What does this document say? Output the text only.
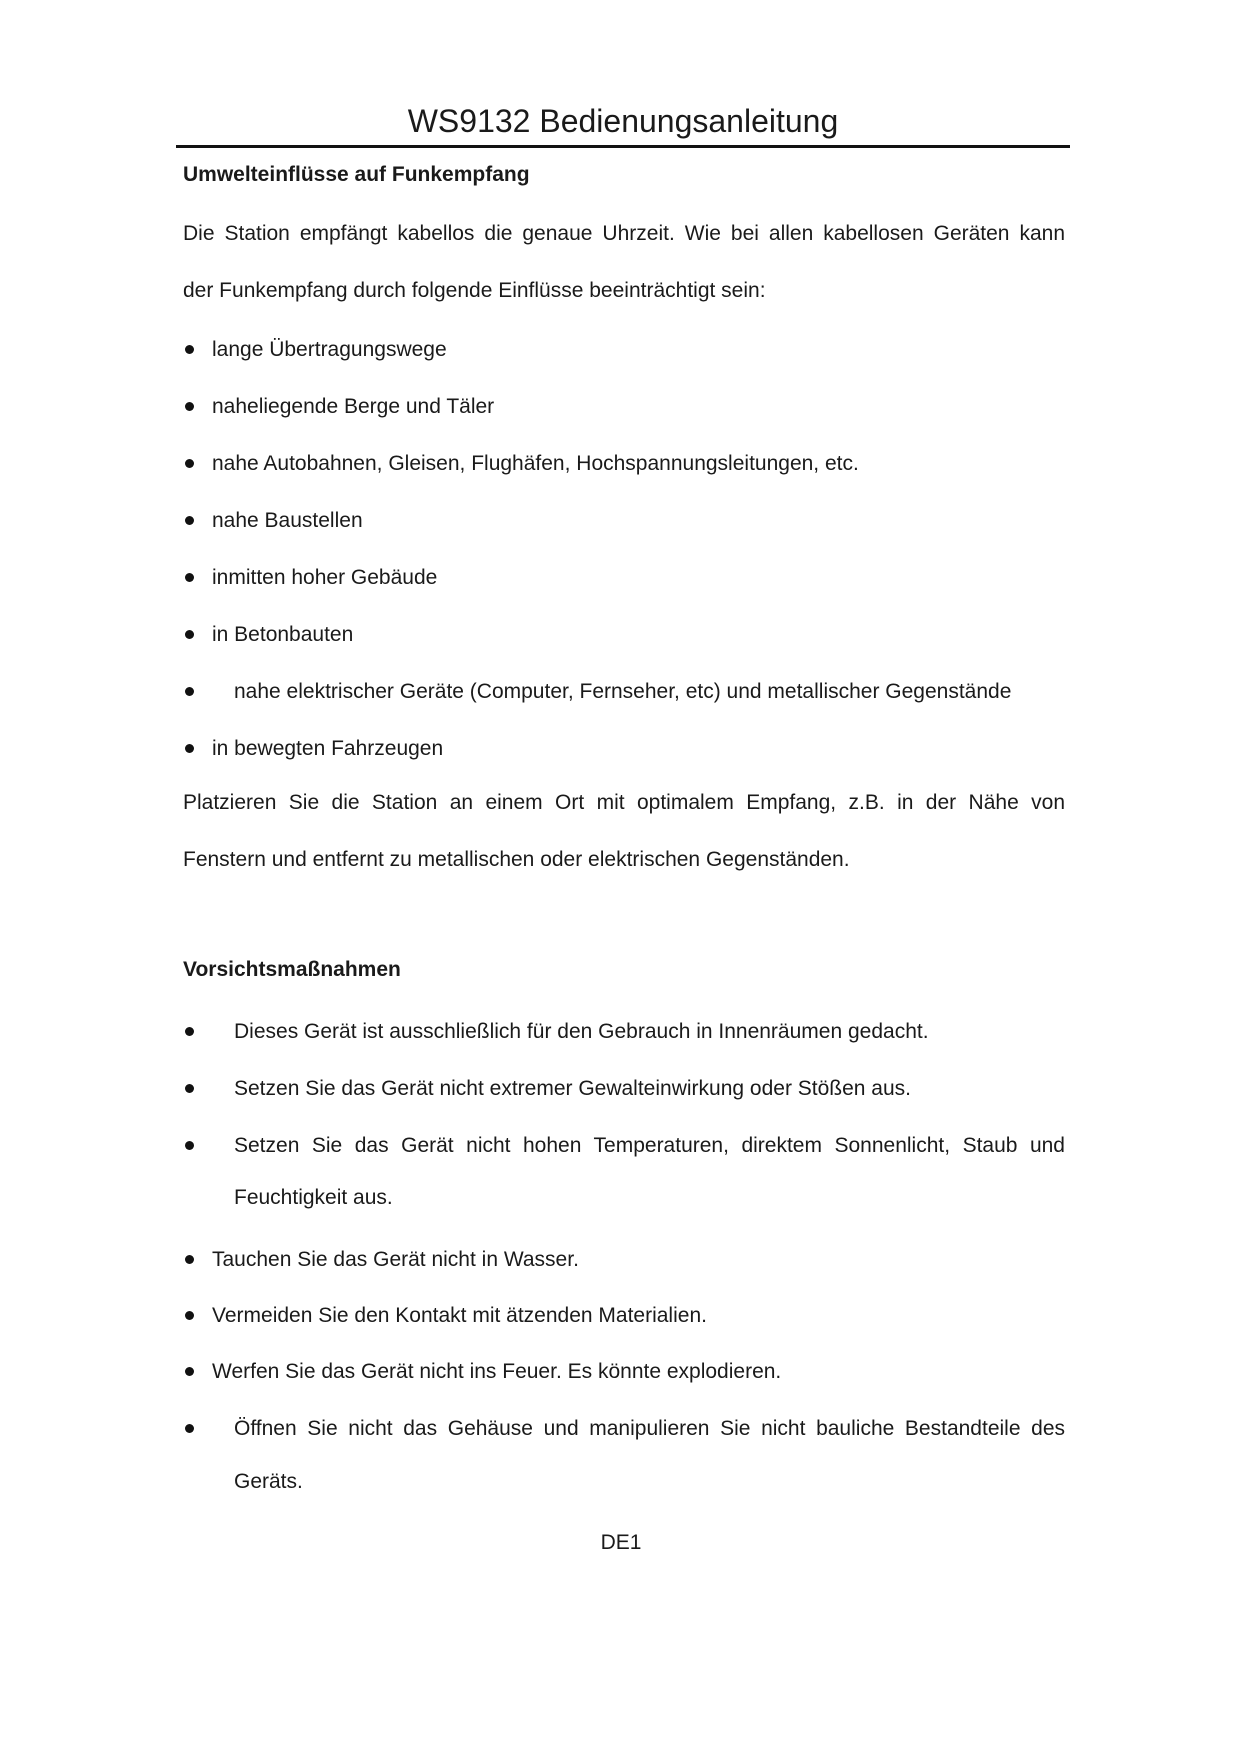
WS9132 Bedienungsanleitung
Umwelteinflüsse auf Funkempfang
Die Station empfängt kabellos die genaue Uhrzeit. Wie bei allen kabellosen Geräten kann
der Funkempfang durch folgende Einflüsse beeinträchtigt sein:
lange Übertragungswege
naheliegende Berge und Täler
nahe Autobahnen, Gleisen, Flughäfen, Hochspannungsleitungen, etc.
nahe Baustellen
inmitten hoher Gebäude
in Betonbauten
nahe elektrischer Geräte (Computer, Fernseher, etc) und metallischer Gegenstände
in bewegten Fahrzeugen
Platzieren Sie die Station an einem Ort mit optimalem Empfang, z.B. in der Nähe von
Fenstern und entfernt zu metallischen oder elektrischen Gegenständen.
Vorsichtsmaßnahmen
Dieses Gerät ist ausschließlich für den Gebrauch in Innenräumen gedacht.
Setzen Sie das Gerät nicht extremer Gewalteinwirkung oder Stößen aus.
Setzen Sie das Gerät nicht hohen Temperaturen, direktem Sonnenlicht, Staub und
Feuchtigkeit aus.
Tauchen Sie das Gerät nicht in Wasser.
Vermeiden Sie den Kontakt mit ätzenden Materialien.
Werfen Sie das Gerät nicht ins Feuer. Es könnte explodieren.
Öffnen Sie nicht das Gehäuse und manipulieren Sie nicht bauliche Bestandteile des
Geräts.
DE1
